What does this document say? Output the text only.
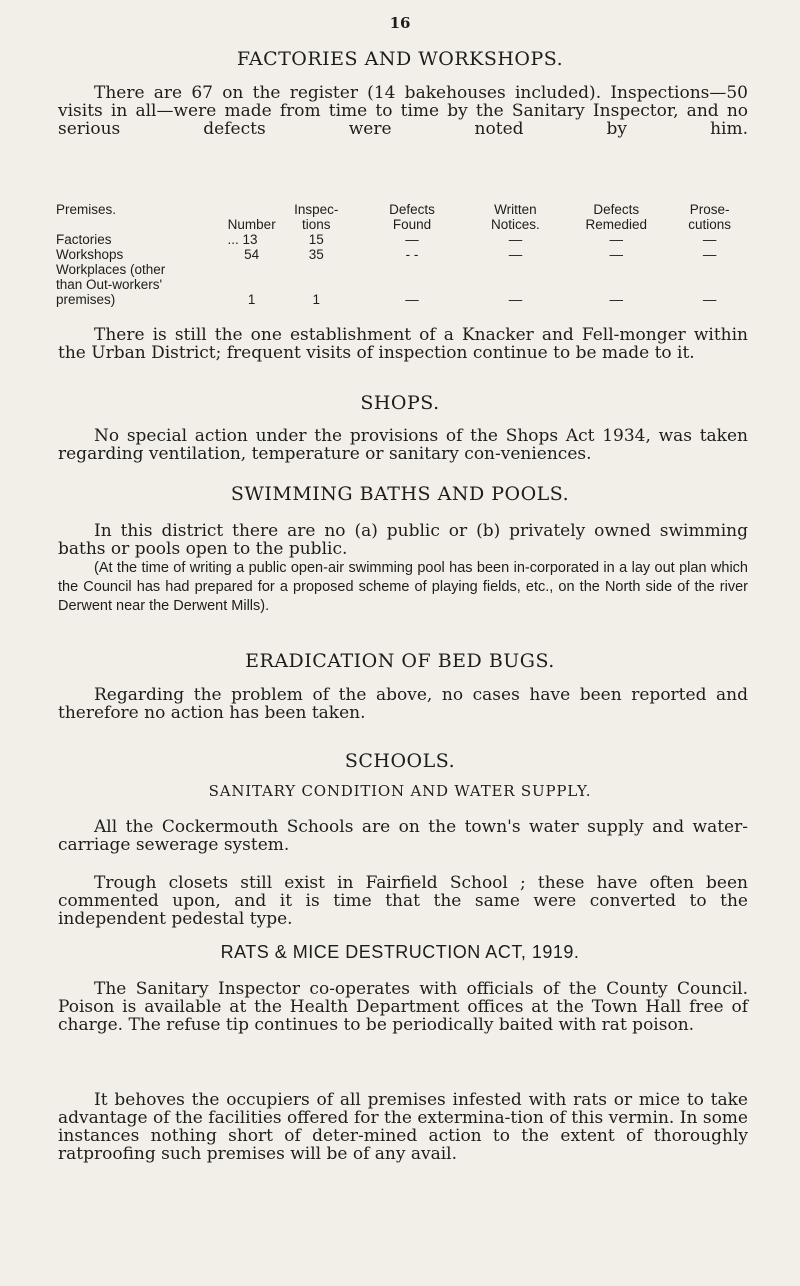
16
FACTORIES AND WORKSHOPS.
There are 67 on the register (14 bakehouses included). Inspections—50 visits in all—were made from time to time by the Sanitary Inspector, and no serious defects were noted by him.
Premises.		Inspec-	Defects	Written	Defects	Prose-
	Number	tions	Found	Notices.	Remedied	cutions
Factories	... 13	15	—	—	—	—
Workshops	54	35	- -	—	—	—
Workplaces (other						
than Out-workers'						
premises)	1	1	—	—	—	—
There is still the one establishment of a Knacker and Fell-monger within the Urban District; frequent visits of inspection continue to be made to it.
SHOPS.
No special action under the provisions of the Shops Act 1934, was taken regarding ventilation, temperature or sanitary con-veniences.
SWIMMING BATHS AND POOLS.
In this district there are no (a) public or (b) privately owned swimming baths or pools open to the public.
(At the time of writing a public open-air swimming pool has been in-corporated in a lay out plan which the Council has had prepared for a proposed scheme of playing fields, etc., on the North side of the river Derwent near the Derwent Mills).
ERADICATION OF BED BUGS.
Regarding the problem of the above, no cases have been reported and therefore no action has been taken.
SCHOOLS.
SANITARY CONDITION AND WATER SUPPLY.
All the Cockermouth Schools are on the town's water supply and water-carriage sewerage system.
Trough closets still exist in Fairfield School ; these have often been commented upon, and it is time that the same were converted to the independent pedestal type.
RATS & MICE DESTRUCTION ACT, 1919.
The Sanitary Inspector co-operates with officials of the County Council. Poison is available at the Health Department offices at the Town Hall free of charge. The refuse tip continues to be periodically baited with rat poison.
It behoves the occupiers of all premises infested with rats or mice to take advantage of the facilities offered for the extermina-tion of this vermin. In some instances nothing short of deter-mined action to the extent of thoroughly ratproofing such premises will be of any avail.
